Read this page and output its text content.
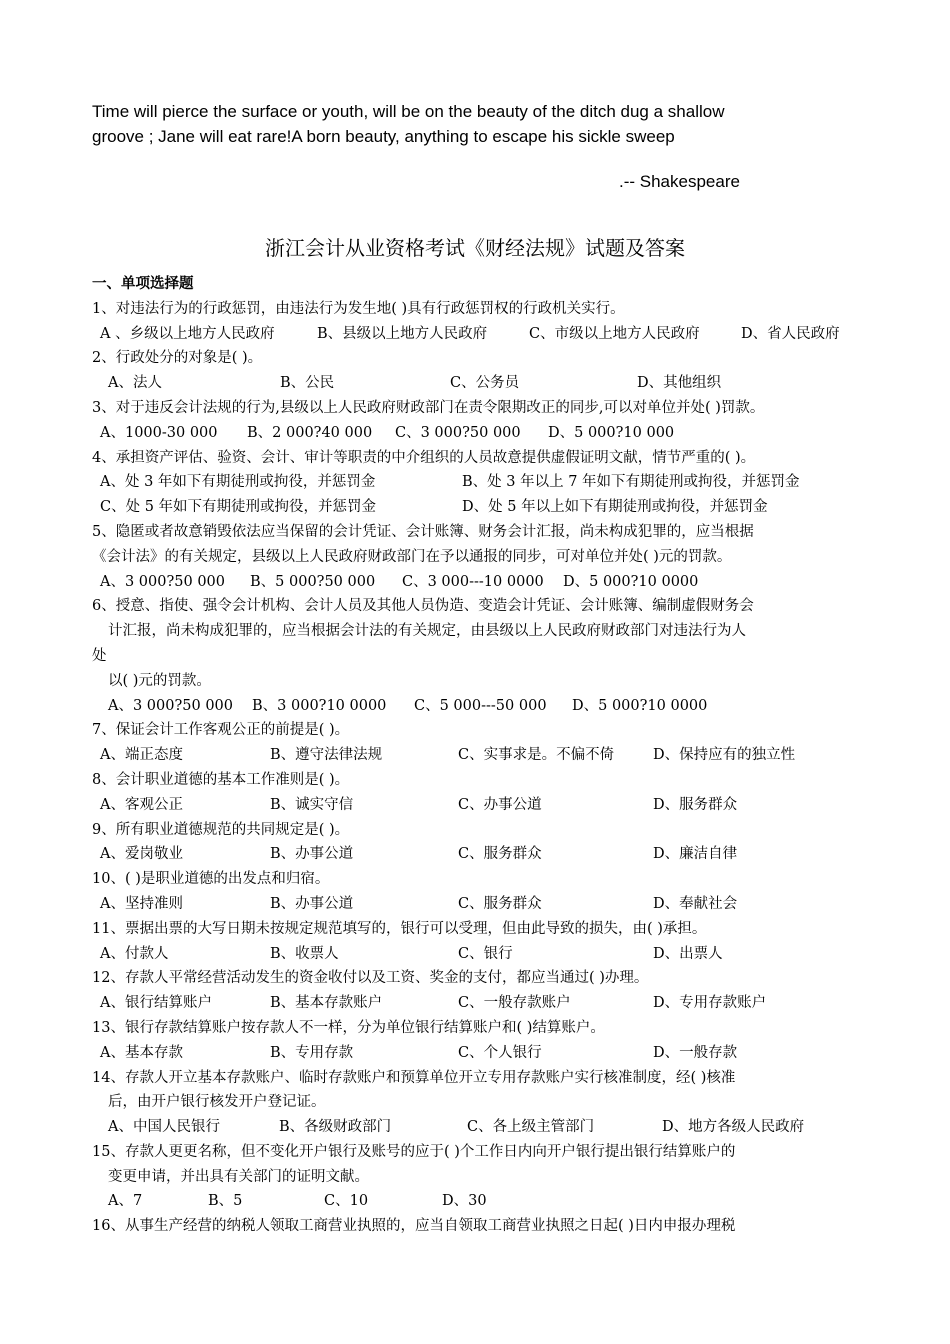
Time will pierce the surface or youth, will be on the beauty of the ditch dug a shallow
groove ; Jane will eat rare!A born beauty, anything to escape his sickle sweep
.-- Shakespeare
浙江会计从业资格考试《财经法规》试题及答案
一、单项选择题
1、对违法行为的行政惩罚，由违法行为发生地( )具有行政惩罚权的行政机关实行。
A 、乡级以上地方人民政府	B、县级以上地方人民政府	C、市级以上地方人民政府	D、省人民政府
2、行政处分的对象是( )。
A、法人	B、公民	C、公务员	D、其他组织
3、对于违反会计法规的行为,县级以上人民政府财政部门在责令限期改正的同步,可以对单位并处( )罚款。
A、1000-30 000 B、2 000?40 000 C、3 000?50 000 D、5 000?10 000
4、承担资产评估、验资、会计、审计等职责的中介组织的人员故意提供虚假证明文献，情节严重的( )。
A、处 3 年如下有期徒刑或拘役，并惩罚金	B、处 3 年以上 7 年如下有期徒刑或拘役，并惩罚金
C、处 5 年如下有期徒刑或拘役，并惩罚金	D、处 5 年以上如下有期徒刑或拘役，并惩罚金
5、隐匿或者故意销毁依法应当保留的会计凭证、会计账簿、财务会计汇报，尚未构成犯罪的，应当根据
《会计法》的有关规定，县级以上人民政府财政部门在予以通报的同步，可对单位并处( )元的罚款。
A、3 000?50 000 B、5 000?50 000 C、3 000---10 0000 D、5 000?10 0000
6、授意、指使、强令会计机构、会计人员及其他人员伪造、变造会计凭证、会计账簿、编制虚假财务会
计汇报，尚未构成犯罪的，应当根据会计法的有关规定，由县级以上人民政府财政部门对违法行为人
处
以( )元的罚款。
A、3 000?50 000 B、3 000?10 0000 C、5 000---50 000 D、5 000?10 0000
7、保证会计工作客观公正的前提是( )。
A、端正态度	B、遵守法律法规	C、实事求是。不偏不倚	D、保持应有的独立性
8、会计职业道德的基本工作准则是( )。
A、客观公正	B、诚实守信	C、办事公道	D、服务群众
9、所有职业道德规范的共同规定是( )。
A、爱岗敬业	B、办事公道	C、服务群众	D、廉洁自律
10、( )是职业道德的出发点和归宿。
A、坚持准则	B、办事公道	C、服务群众	D、奉献社会
11、票据出票的大写日期未按规定规范填写的，银行可以受理，但由此导致的损失，由( )承担。
A、付款人	B、收票人	C、银行	D、出票人
12、存款人平常经营活动发生的资金收付以及工资、奖金的支付，都应当通过( )办理。
A、银行结算账户	B、基本存款账户	C、一般存款账户	D、专用存款账户
13、银行存款结算账户按存款人不一样，分为单位银行结算账户和( )结算账户。
A、基本存款	B、专用存款	C、个人银行	D、一般存款
14、存款人开立基本存款账户、临时存款账户和预算单位开立专用存款账户实行核准制度，经( )核准
后，由开户银行核发开户登记证。
A、中国人民银行	B、各级财政部门	C、各上级主管部门	D、地方各级人民政府
15、存款人更更名称，但不变化开户银行及账号的应于( )个工作日内向开户银行提出银行结算账户的
变更申请，并出具有关部门的证明文献。
A、7	B、5	C、10	D、30
16、从事生产经营的纳税人领取工商营业执照的，应当自领取工商营业执照之日起( )日内申报办理税
